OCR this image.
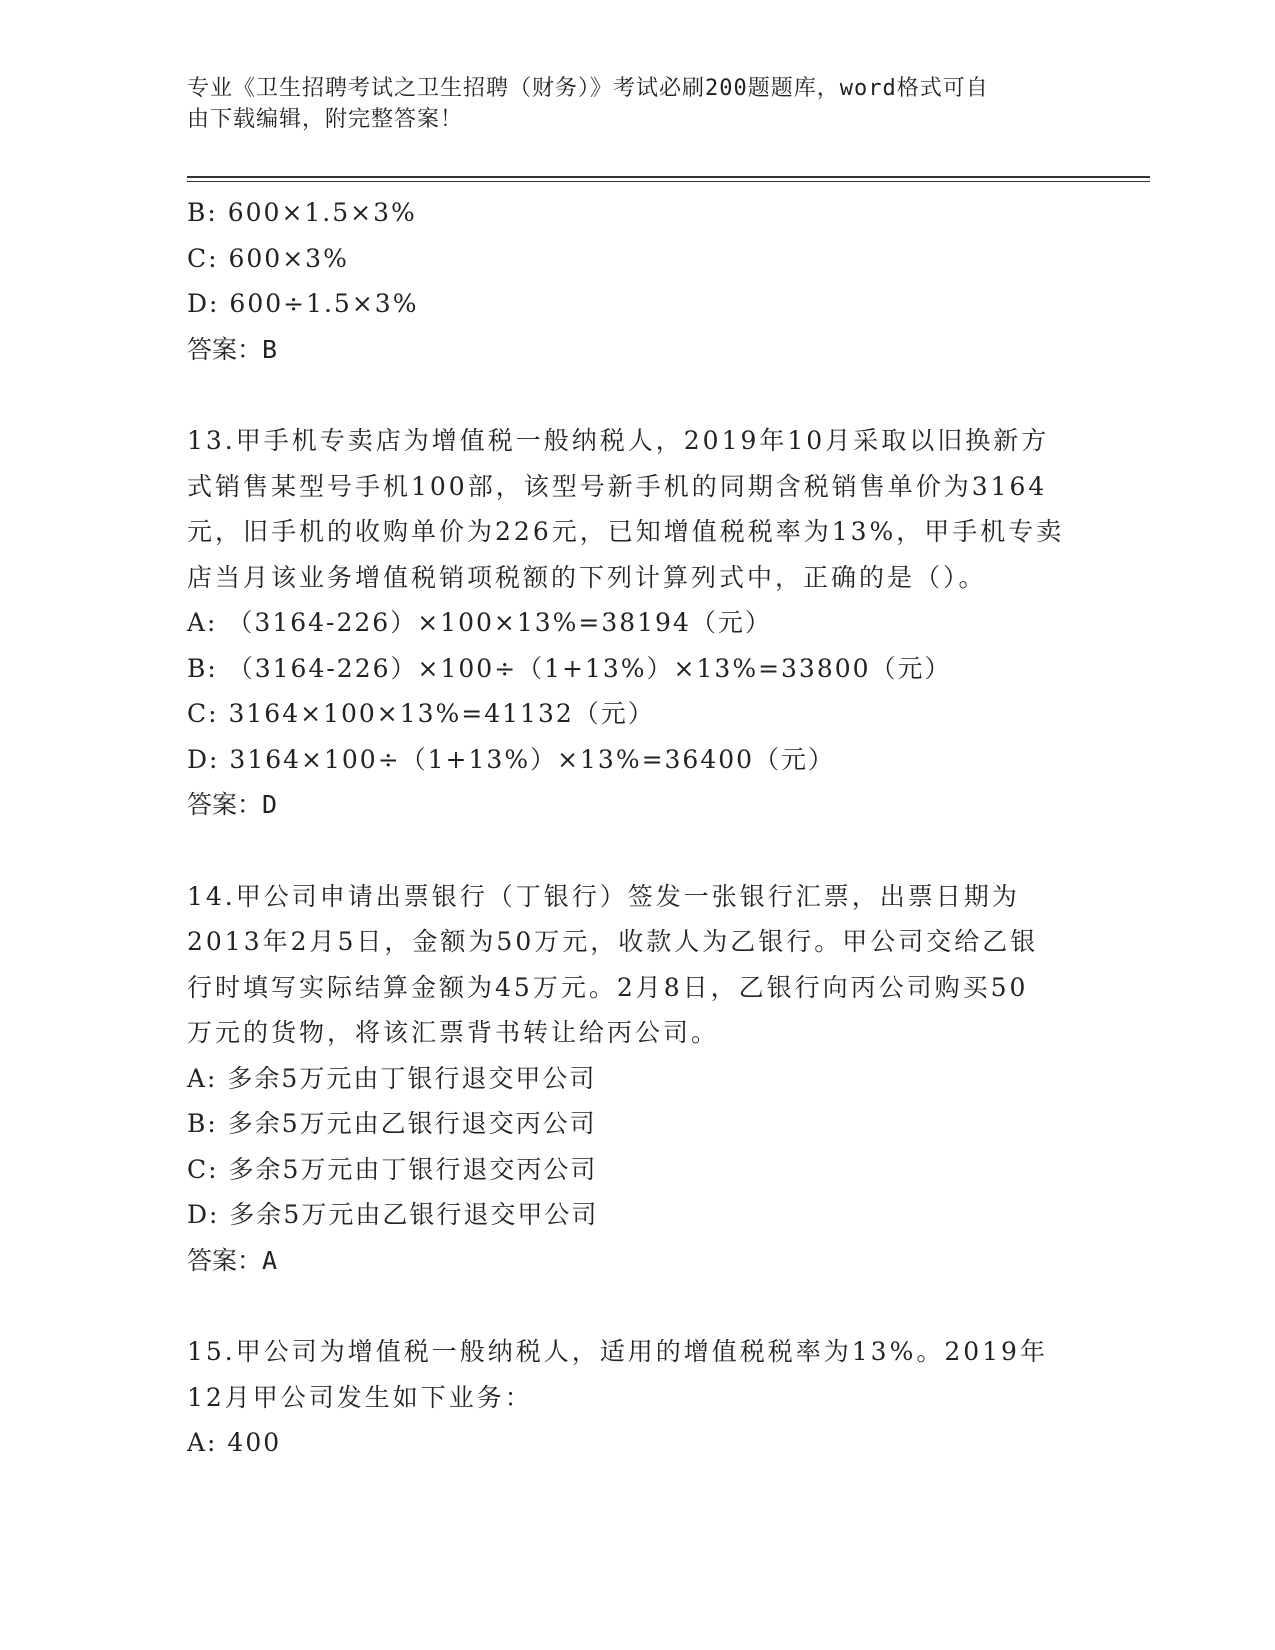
专业《卫生招聘考试之卫生招聘（财务）》考试必刷200题题库，word格式可自
由下载编辑，附完整答案！
B: 600×1.5×3%
C: 600×3%
D: 600÷1.5×3%
答案：B
13.甲手机专卖店为增值税一般纳税人，2019年10月采取以旧换新方
式销售某型号手机100部，该型号新手机的同期含税销售单价为3164
元，旧手机的收购单价为226元，已知增值税税率为13%，甲手机专卖
店当月该业务增值税销项税额的下列计算列式中，正确的是（）。
A: （3164-226）×100×13%=38194（元）
B: （3164-226）×100÷（1+13%）×13%=33800（元）
C: 3164×100×13%=41132（元）
D: 3164×100÷（1+13%）×13%=36400（元）
答案：D
14.甲公司申请出票银行（丁银行）签发一张银行汇票，出票日期为
2013年2月5日，金额为50万元，收款人为乙银行。甲公司交给乙银
行时填写实际结算金额为45万元。2月8日，乙银行向丙公司购买50
万元的货物，将该汇票背书转让给丙公司。
A: 多余5万元由丁银行退交甲公司
B: 多余5万元由乙银行退交丙公司
C: 多余5万元由丁银行退交丙公司
D: 多余5万元由乙银行退交甲公司
答案：A
15.甲公司为增值税一般纳税人，适用的增值税税率为13%。2019年
12月甲公司发生如下业务：
A: 400
